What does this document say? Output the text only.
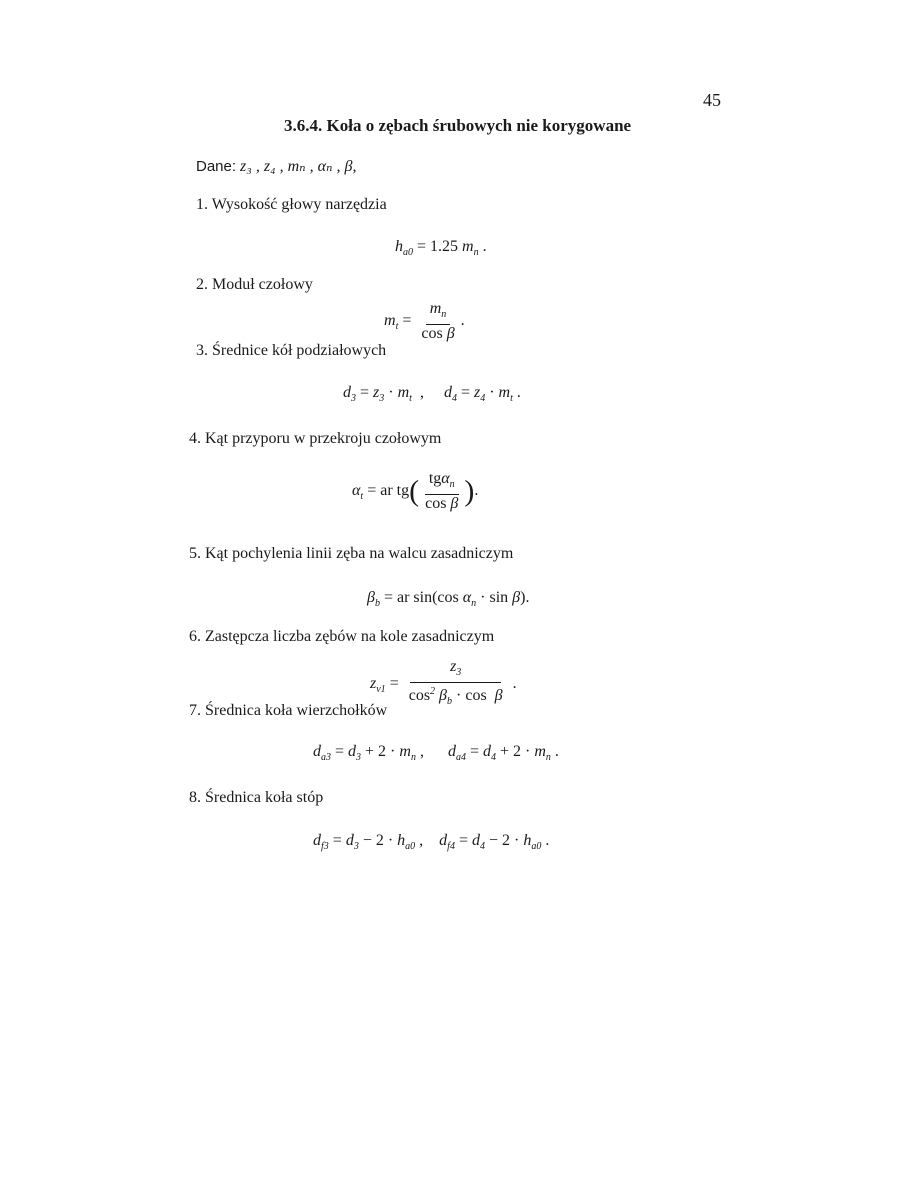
45
3.6.4. Koła o zębach śrubowych nie korygowane
Dane: z₃ , z₄ , mₙ , αₙ , β,
1. Wysokość głowy narzędzia
$h_{a0} = 1.25$ $m_n$ .
2. Moduł czołowy
$m_t = \frac{m_n}{\text{cos β}}$ .
3. Średnice kół podziałowych
$d_3 = z_3 \cdot m_t$ ,     $d_4 = z_4 \cdot m_t$ .
4. Kąt przyporu w przekroju czołowym
$\alpha_t$ = ar $tg( \frac{tg\alpha_n}{\text{cos β}}$ ).
5. Kąt pochylenia linii zęba na walcu zasadniczym
$\beta_b$ = ar sin(cos $\alpha_n \cdot \sin \beta$).
6. Zastępcza liczba zębów na kole zasadniczym
$z_{v1} = \frac{z_3}{\cos^2 \beta_b \cdot \cos \beta}$ .
7. Średnica koła wierzchołków
$d_{a3} = d_3 + 2 \cdot m_n$ ,      $d_{a4} = d_4 + 2 \cdot m_n$ .
8. Średnica koła stóp
$d_{f3} = d_3 - 2 \cdot h_{a0}$ ,    $d_{f4} = d_4 - 2 \cdot h_{a0}$ .
